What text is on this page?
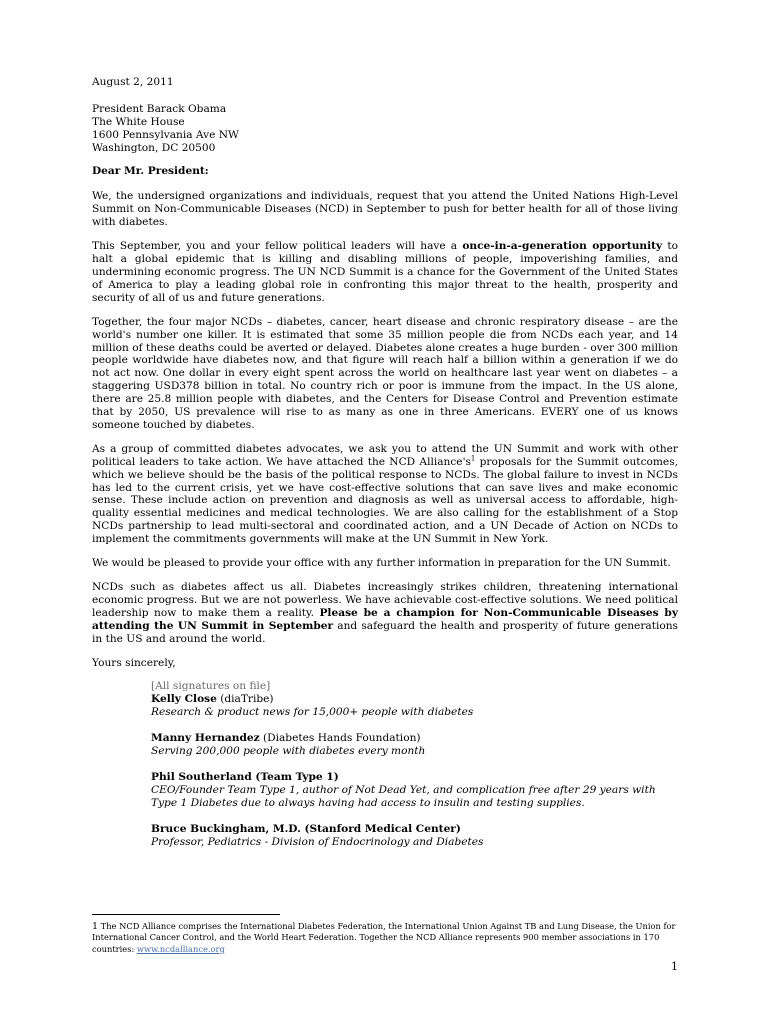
August 2, 2011

President Barack Obama

The White House

1600 Pennsylvania Ave NW

Washington, DC 20500

Dear Mr. President:

We, the undersigned organizations and individuals, request that you attend the United Nations High-Level Summit on Non-Communicable Diseases (NCD) in September to push for better health for all of those living with diabetes.

This September, you and your fellow political leaders will have a once-in-a-generation opportunity to halt a global epidemic that is killing and disabling millions of people, impoverishing families, and undermining economic progress. The UN NCD Summit is a chance for the Government of the United States of America to play a leading global role in confronting this major threat to the health, prosperity and security of all of us and future generations.

Together, the four major NCDs – diabetes, cancer, heart disease and chronic respiratory disease – are the world's number one killer. It is estimated that some 35 million people die from NCDs each year, and 14 million of these deaths could be averted or delayed. Diabetes alone creates a huge burden - over 300 million people worldwide have diabetes now, and that figure will reach half a billion within a generation if we do not act now. One dollar in every eight spent across the world on healthcare last year went on diabetes – a staggering USD378 billion in total. No country rich or poor is immune from the impact. In the US alone, there are 25.8 million people with diabetes, and the Centers for Disease Control and Prevention estimate that by 2050, US prevalence will rise to as many as one in three Americans. EVERY one of us knows someone touched by diabetes.

As a group of committed diabetes advocates, we ask you to attend the UN Summit and work with other political leaders to take action. We have attached the NCD $Alliance's^1$ proposals for the Summit outcomes, which we believe should be the basis of the political response to NCDs. The global failure to invest in NCDs has led to the current crisis, yet we have cost-effective solutions that can save lives and make economic sense. These include action on prevention and diagnosis as well as universal access to affordable, high-quality essential medicines and medical technologies. We are also calling for the establishment of a Stop NCDs partnership to lead multi-sectoral and coordinated action, and a UN Decade of Action on NCDs to implement the commitments governments will make at the UN Summit in New York.

We would be pleased to provide your office with any further information in preparation for the UN Summit.

NCDs such as diabetes affect us all. Diabetes increasingly strikes children, threatening international economic progress. But we are not powerless. We have achievable cost-effective solutions. We need political leadership now to make them a reality. Please be a champion for Non-Communicable Diseases by attending the UN Summit in September and safeguard the health and prosperity of future generations in the US and around the world.

Yours sincerely,

[All signatures on file]
Kelly Close (diaTribe)
Research & product news for 15,000+ people with diabetes
Manny Hernandez (Diabetes Hands Foundation)
Serving 200,000 people with diabetes every month
Phil Southerland (Team Type 1)
CEO/Founder Team Type 1, author of Not Dead Yet, and complication free after 29 years with Type 1 Diabetes due to always having had access to insulin and testing supplies.
Bruce Buckingham, M.D. (Stanford Medical Center)
Professor, Pediatrics - Division of Endocrinology and Diabetes
1 The NCD Alliance comprises the International Diabetes Federation, the International Union Against TB and Lung Disease, the Union for International Cancer Control, and the World Heart Federation. Together the NCD Alliance represents 900 member associations in 170 countries: www.ncdalliance.org
1
